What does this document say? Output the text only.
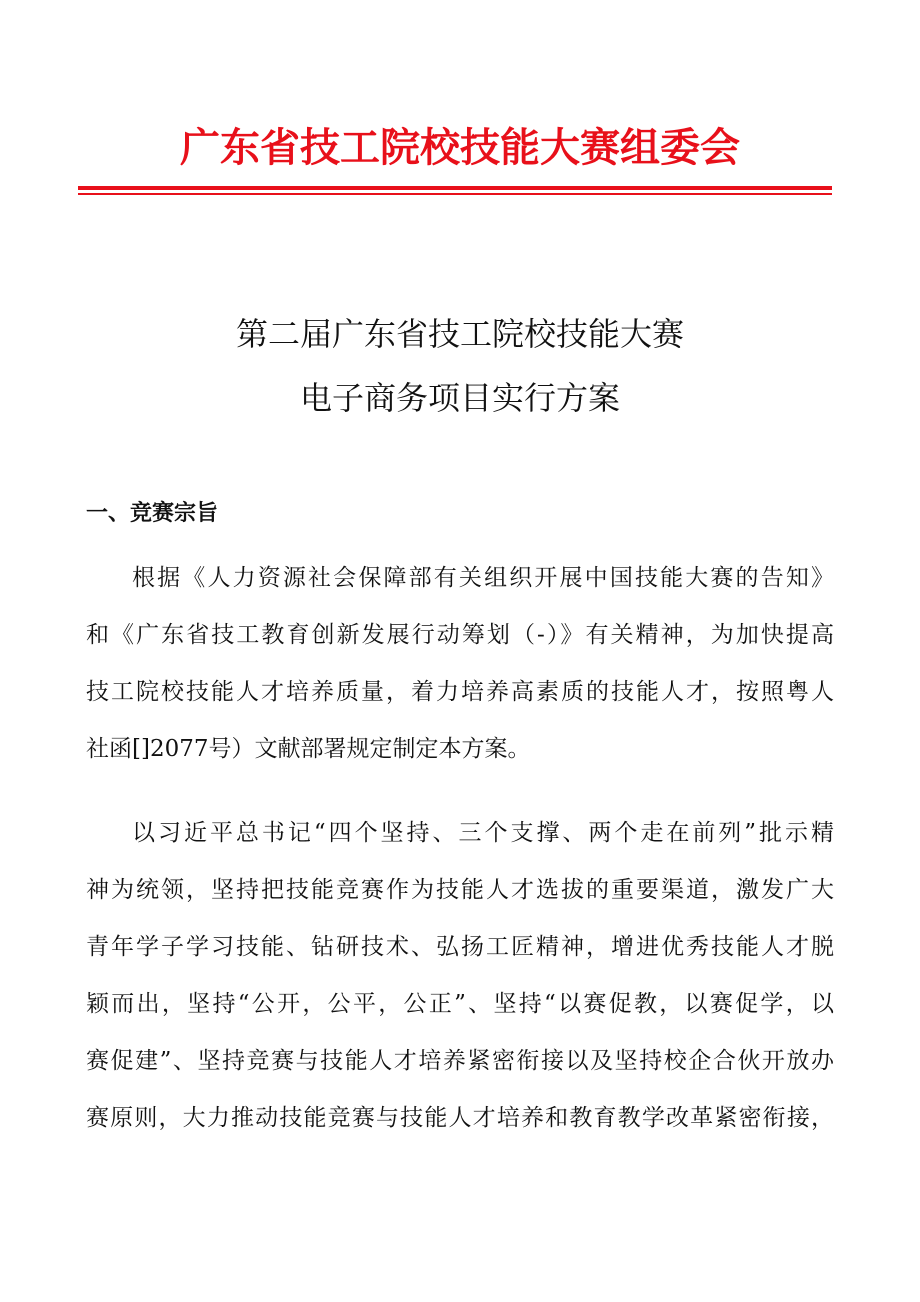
广东省技工院校技能大赛组委会
第二届广东省技工院校技能大赛
电子商务项目实行方案
一、竞赛宗旨
根据《人力资源社会保障部有关组织开展中国技能大赛的告知》
和《广东省技工教育创新发展行动筹划（-）》有关精神，为加快提高
技工院校技能人才培养质量，着力培养高素质的技能人才，按照粤人
社函[]2077号）文献部署规定制定本方案。
以习近平总书记“四个坚持、三个支撑、两个走在前列”批示精
神为统领，坚持把技能竞赛作为技能人才选拔的重要渠道，激发广大
青年学子学习技能、钻研技术、弘扬工匠精神，增进优秀技能人才脱
颖而出，坚持“公开，公平，公正”、坚持“以赛促教，以赛促学，以
赛促建”、坚持竞赛与技能人才培养紧密衔接以及坚持校企合伙开放办
赛原则，大力推动技能竞赛与技能人才培养和教育教学改革紧密衔接，
